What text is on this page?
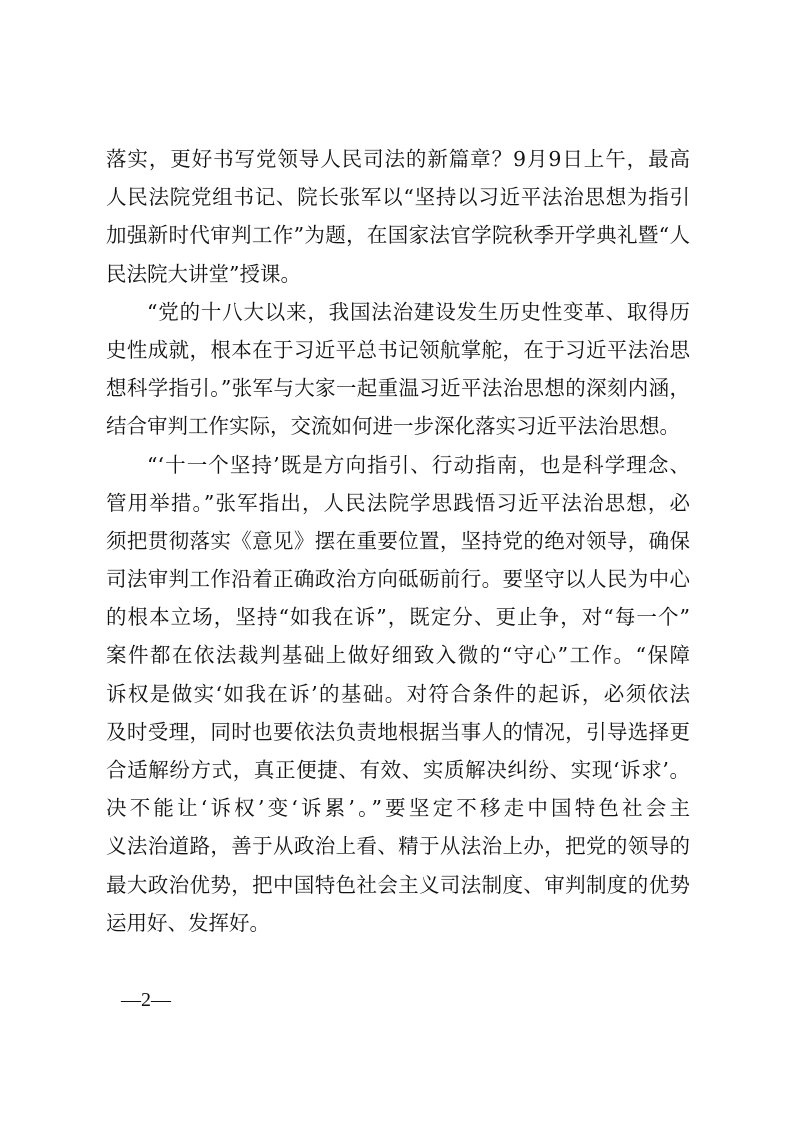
落实，更好书写党领导人民司法的新篇章？9月9日上午，最高
人民法院党组书记、院长张军以“坚持以习近平法治思想为指引
加强新时代审判工作”为题，在国家法官学院秋季开学典礼暨“人
民法院大讲堂”授课。
“党的十八大以来，我国法治建设发生历史性变革、取得历
史性成就，根本在于习近平总书记领航掌舵，在于习近平法治思
想科学指引。”张军与大家一起重温习近平法治思想的深刻内涵，
结合审判工作实际，交流如何进一步深化落实习近平法治思想。
“‘十一个坚持’既是方向指引、行动指南，也是科学理念、
管用举措。”张军指出，人民法院学思践悟习近平法治思想，必
须把贯彻落实《意见》摆在重要位置，坚持党的绝对领导，确保
司法审判工作沿着正确政治方向砥砺前行。要坚守以人民为中心
的根本立场，坚持“如我在诉”，既定分、更止争，对“每一个”
案件都在依法裁判基础上做好细致入微的“守心”工作。“保障
诉权是做实‘如我在诉’的基础。对符合条件的起诉，必须依法
及时受理，同时也要依法负责地根据当事人的情况，引导选择更
合适解纷方式，真正便捷、有效、实质解决纠纷、实现‘诉求’。
决不能让‘诉权’变‘诉累’。”要坚定不移走中国特色社会主
义法治道路，善于从政治上看、精于从法治上办，把党的领导的
最大政治优势，把中国特色社会主义司法制度、审判制度的优势
运用好、发挥好。
—2—
